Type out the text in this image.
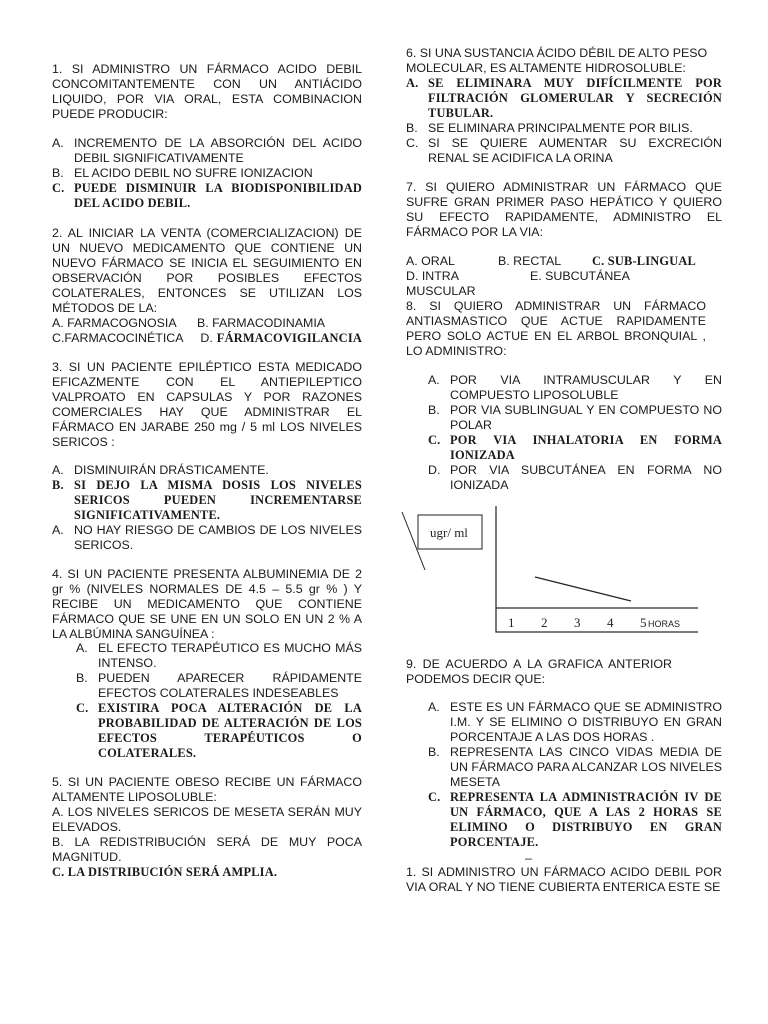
1. SI ADMINISTRO UN FÁRMACO ACIDO DEBIL CONCOMITANTEMENTE CON UN ANTIÁCIDO LIQUIDO, POR VIA ORAL, ESTA COMBINACION PUEDE PRODUCIR:

A. INCREMENTO DE LA ABSORCIÓN DEL ACIDO DEBIL SIGNIFICATIVAMENTE
B. EL ACIDO DEBIL NO SUFRE IONIZACION
C. PUEDE DISMINUIR LA BIODISPONIBILIDAD DEL ACIDO DEBIL.

2. AL INICIAR LA VENTA (COMERCIALIZACION) DE UN NUEVO MEDICAMENTO QUE CONTIENE UN NUEVO FÁRMACO SE INICIA EL SEGUIMIENTO EN OBSERVACIÓN POR POSIBLES EFECTOS COLATERALES, ENTONCES SE UTILIZAN LOS MÉTODOS DE LA:

A. FARMACOGNOSIA	B. FARMACODINAMIA
C.FARMACOCINÉTICA	D. FÁRMACOVIGILANCIA

3. SI UN PACIENTE EPILÉPTICO ESTA MEDICADO EFICAZMENTE CON EL ANTIEPILEPTICO VALPROATO EN CAPSULAS Y POR RAZONES COMERCIALES HAY QUE ADMINISTRAR EL FÁRMACO EN JARABE 250 mg / 5 ml LOS NIVELES SERICOS :

A. DISMINUIRÁN DRÁSTICAMENTE.
B. SI DEJO LA MISMA DOSIS LOS NIVELES SERICOS PUEDEN INCREMENTARSE SIGNIFICATIVAMENTE.
A. NO HAY RIESGO DE CAMBIOS DE LOS NIVELES SERICOS.

4. SI UN PACIENTE PRESENTA ALBUMINEMIA DE 2 gr % (NIVELES NORMALES DE 4.5 – 5.5 gr % ) Y RECIBE UN MEDICAMENTO QUE CONTIENE FÁRMACO QUE SE UNE EN UN SOLO EN UN 2 % A LA ALBÚMINA SANGUÍNEA :

A. EL EFECTO TERAPÉUTICO ES MUCHO MÁS INTENSO.
B. PUEDEN APARECER RÁPIDAMENTE EFECTOS COLATERALES INDESEABLES
C. EXISTIRA POCA ALTERACIÓN DE LA PROBABILIDAD DE ALTERACIÓN DE LOS EFECTOS TERAPÉUTICOS O COLATERALES.

5. SI UN PACIENTE OBESO RECIBE UN FÁRMACO ALTAMENTE LIPOSOLUBLE:

A. LOS NIVELES SERICOS DE MESETA SERÁN MUY ELEVADOS.

B. LA REDISTRIBUCIÓN SERÁ DE MUY POCA MAGNITUD.

C. LA DISTRIBUCIÓN SERÁ AMPLIA.

6. SI UNA SUSTANCIA ÁCIDO DÉBIL DE ALTO PESO MOLECULAR, ES ALTAMENTE HIDROSOLUBLE:

A. SE ELIMINARA MUY DIFÍCILMENTE POR FILTRACIÓN GLOMERULAR Y SECRECIÓN TUBULAR.
B. SE ELIMINARA PRINCIPALMENTE POR BILIS.
C. SI SE QUIERE AUMENTAR SU EXCRECIÓN RENAL SE ACIDIFICA LA ORINA

7. SI QUIERO ADMINISTRAR UN FÁRMACO QUE SUFRE GRAN PRIMER PASO HEPÁTICO Y QUIERO SU EFECTO RAPIDAMENTE, ADMINISTRO EL FÁRMACO POR LA VIA:

A. ORAL	B. RECTAL	C. SUB-LINGUAL
D. INTRA MUSCULAR
E. SUBCUTÁNEA

8. SI QUIERO ADMINISTRAR UN FÁRMACO ANTIASMASTICO QUE ACTUE RAPIDAMENTE PERO SOLO ACTUE EN EL ARBOL BRONQUIAL , LO ADMINISTRO:

A. POR VIA INTRAMUSCULAR Y EN COMPUESTO LIPOSOLUBLE
B. POR VIA SUBLINGUAL Y EN COMPUESTO NO POLAR
C. POR VIA INHALATORIA EN FORMA IONIZADA
D. POR VIA SUBCUTÁNEA EN FORMA NO IONIZADA
ugr/ ml
1 2 3 4 5 HORAS

9. DE ACUERDO A LA GRAFICA ANTERIOR PODEMOS DECIR QUE:

A. ESTE ES UN FÁRMACO QUE SE ADMINISTRO I.M. Y SE ELIMINO O DISTRIBUYO EN GRAN PORCENTAJE A LAS DOS HORAS .
B. REPRESENTA LAS CINCO VIDAS MEDIA DE UN FÁRMACO PARA ALCANZAR LOS NIVELES MESETA
C. REPRESENTA LA ADMINISTRACIÓN IV DE UN FÁRMACO, QUE A LAS 2 HORAS SE ELIMINO O DISTRIBUYO EN GRAN PORCENTAJE.

–

1. SI ADMINISTRO UN FÁRMACO ACIDO DEBIL POR VIA ORAL Y NO TIENE CUBIERTA ENTERICA ESTE SE
